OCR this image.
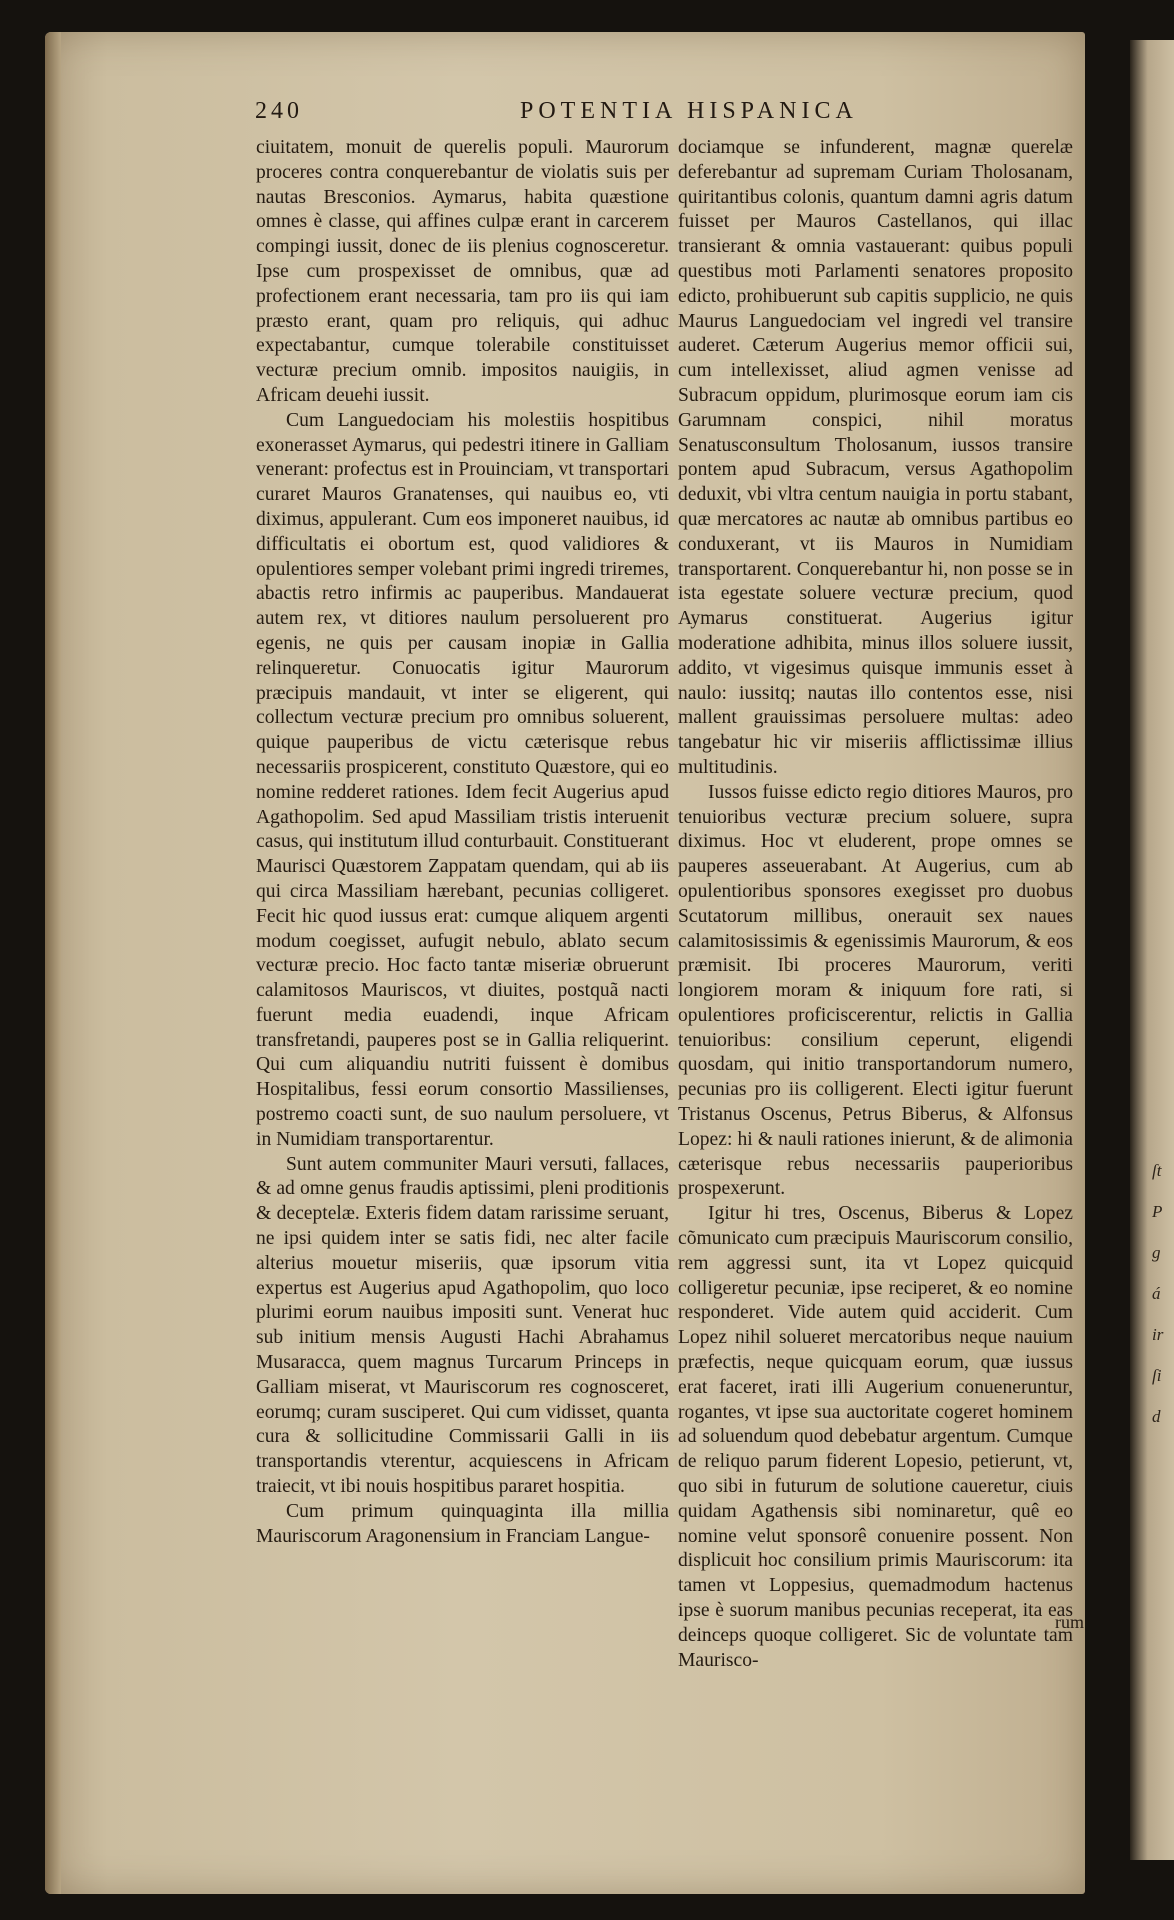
ſt
P
g
á
ir
ſi
d
240	POTENTIA HISPANICA

ciuitatem, monuit de querelis populi. Maurorum proceres contra conquerebantur de violatis suis per nautas Bresconios. Aymarus, habita quæstione omnes è classe, qui affines culpæ erant in carcerem compingi iussit, donec de iis plenius cognosceretur. Ipse cum prospexisset de omnibus, quæ ad profectionem erant necessaria, tam pro iis qui iam præsto erant, quam pro reliquis, qui adhuc expectabantur, cumque tolerabile constituisset vecturæ precium omnib. impositos nauigiis, in Africam deuehi iussit.

Cum Languedociam his molestiis hospitibus exonerasset Aymarus, qui pedestri itinere in Galliam venerant: profectus est in Prouinciam, vt transportari curaret Mauros Granatenses, qui nauibus eo, vti diximus, appulerant. Cum eos imponeret nauibus, id difficultatis ei obortum est, quod validiores & opulentiores semper volebant primi ingredi triremes, abactis retro infirmis ac pauperibus. Mandauerat autem rex, vt ditiores naulum persoluerent pro egenis, ne quis per causam inopiæ in Gallia relinqueretur. Conuocatis igitur Maurorum præcipuis mandauit, vt inter se eligerent, qui collectum vecturæ precium pro omnibus soluerent, quique pauperibus de victu cæterisque rebus necessariis prospicerent, constituto Quæstore, qui eo nomine redderet rationes. Idem fecit Augerius apud Agathopolim. Sed apud Massiliam tristis interuenit casus, qui institutum illud conturbauit. Constituerant Maurisci Quæstorem Zappatam quendam, qui ab iis qui circa Massiliam hærebant, pecunias colligeret. Fecit hic quod iussus erat: cumque aliquem argenti modum coegisset, aufugit nebulo, ablato secum vecturæ precio. Hoc facto tantæ miseriæ obruerunt calamitosos Mauriscos, vt diuites, postquã nacti fuerunt media euadendi, inque Africam transfretandi, pauperes post se in Gallia reliquerint. Qui cum aliquandiu nutriti fuissent è domibus Hospitalibus, fessi eorum consortio Massilienses, postremo coacti sunt, de suo naulum persoluere, vt in Numidiam transportarentur.

Sunt autem communiter Mauri versuti, fallaces, & ad omne genus fraudis aptissimi, pleni proditionis & deceptelæ. Exteris fidem datam rarissime seruant, ne ipsi quidem inter se satis fidi, nec alter facile alterius mouetur miseriis, quæ ipsorum vitia expertus est Augerius apud Agathopolim, quo loco plurimi eorum nauibus impositi sunt. Venerat huc sub initium mensis Augusti Hachi Abrahamus Musaracca, quem magnus Turcarum Princeps in Galliam miserat, vt Mauriscorum res cognosceret, eorumq; curam susciperet. Qui cum vidisset, quanta cura & sollicitudine Commissarii Galli in iis transportandis vterentur, acquiescens in Africam traiecit, vt ibi nouis hospitibus pararet hospitia.

Cum primum quinquaginta illa millia Mauriscorum Aragonensium in Franciam Langue-

dociamque se infunderent, magnæ querelæ deferebantur ad supremam Curiam Tholosanam, quiritantibus colonis, quantum damni agris datum fuisset per Mauros Castellanos, qui illac transierant & omnia vastauerant: quibus populi questibus moti Parlamenti senatores proposito edicto, prohibuerunt sub capitis supplicio, ne quis Maurus Languedociam vel ingredi vel transire auderet. Cæterum Augerius memor officii sui, cum intellexisset, aliud agmen venisse ad Subracum oppidum, plurimosque eorum iam cis Garumnam conspici, nihil moratus Senatusconsultum Tholosanum, iussos transire pontem apud Subracum, versus Agathopolim deduxit, vbi vltra centum nauigia in portu stabant, quæ mercatores ac nautæ ab omnibus partibus eo conduxerant, vt iis Mauros in Numidiam transportarent. Conquerebantur hi, non posse se in ista egestate soluere vecturæ precium, quod Aymarus constituerat. Augerius igitur moderatione adhibita, minus illos soluere iussit, addito, vt vigesimus quisque immunis esset à naulo: iussitq; nautas illo contentos esse, nisi mallent grauissimas persoluere multas: adeo tangebatur hic vir miseriis afflictissimæ illius multitudinis.

Iussos fuisse edicto regio ditiores Mauros, pro tenuioribus vecturæ precium soluere, supra diximus. Hoc vt eluderent, prope omnes se pauperes asseuerabant. At Augerius, cum ab opulentioribus sponsores exegisset pro duobus Scutatorum millibus, onerauit sex naues calamitosissimis & egenissimis Maurorum, & eos præmisit. Ibi proceres Maurorum, veriti longiorem moram & iniquum fore rati, si opulentiores proficiscerentur, relictis in Gallia tenuioribus: consilium ceperunt, eligendi quosdam, qui initio transportandorum numero, pecunias pro iis colligerent. Electi igitur fuerunt Tristanus Oscenus, Petrus Biberus, & Alfonsus Lopez: hi & nauli rationes inierunt, & de alimonia cæterisque rebus necessariis pauperioribus prospexerunt.

Igitur hi tres, Oscenus, Biberus & Lopez cõmunicato cum præcipuis Mauriscorum consilio, rem aggressi sunt, ita vt Lopez quicquid colligeretur pecuniæ, ipse reciperet, & eo nomine responderet. Vide autem quid acciderit. Cum Lopez nihil solueret mercatoribus neque nauium præfectis, neque quicquam eorum, quæ iussus erat faceret, irati illi Augerium conueneruntur, rogantes, vt ipse sua auctoritate cogeret hominem ad soluendum quod debebatur argentum. Cumque de reliquo parum fiderent Lopesio, petierunt, vt, quo sibi in futurum de solutione caueretur, ciuis quidam Agathensis sibi nominaretur, quê eo nomine velut sponsorê conuenire possent. Non displicuit hoc consilium primis Mauriscorum: ita tamen vt Loppesius, quemadmodum hactenus ipse è suorum manibus pecunias receperat, ita eas deinceps quoque colligeret. Sic de voluntate tam Maurisco-

rum
